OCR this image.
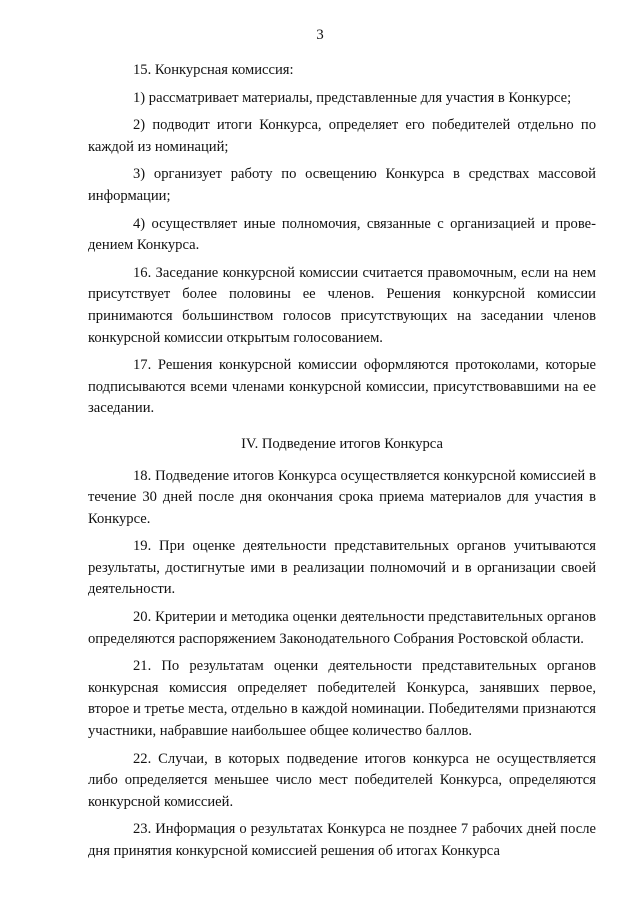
3

15. Конкурсная комиссия:

1) рассматривает материалы, представленные для участия в Конкурсе;

2) подводит итоги Конкурса, определяет его победителей отдельно по каждой из номинаций;

3) организует работу по освещению Конкурса в средствах массовой информации;

4) осуществляет иные полномочия, связанные с организацией и проведением Конкурса.

16. Заседание конкурсной комиссии считается правомочным, если на нем присутствует более половины ее членов. Решения конкурсной комиссии принимаются большинством голосов присутствующих на заседании членов конкурсной комиссии открытым голосованием.

17. Решения конкурсной комиссии оформляются протоколами, которые подписываются всеми членами конкурсной комиссии, присутствовавшими на ее заседании.

IV. Подведение итогов Конкурса

18. Подведение итогов Конкурса осуществляется конкурсной комиссией в течение 30 дней после дня окончания срока приема материалов для участия в Конкурсе.

19. При оценке деятельности представительных органов учитываются результаты, достигнутые ими в реализации полномочий и в организации своей деятельности.

20. Критерии и методика оценки деятельности представительных органов определяются распоряжением Законодательного Собрания Ростовской области.

21. По результатам оценки деятельности представительных органов конкурсная комиссия определяет победителей Конкурса, занявших первое, второе и третье места, отдельно в каждой номинации. Победителями признаются участники, набравшие наибольшее общее количество баллов.

22. Случаи, в которых подведение итогов конкурса не осуществляется либо определяется меньшее число мест победителей Конкурса, определяются конкурсной комиссией.

23. Информация о результатах Конкурса не позднее 7 рабочих дней после дня принятия конкурсной комиссией решения об итогах Конкурса
